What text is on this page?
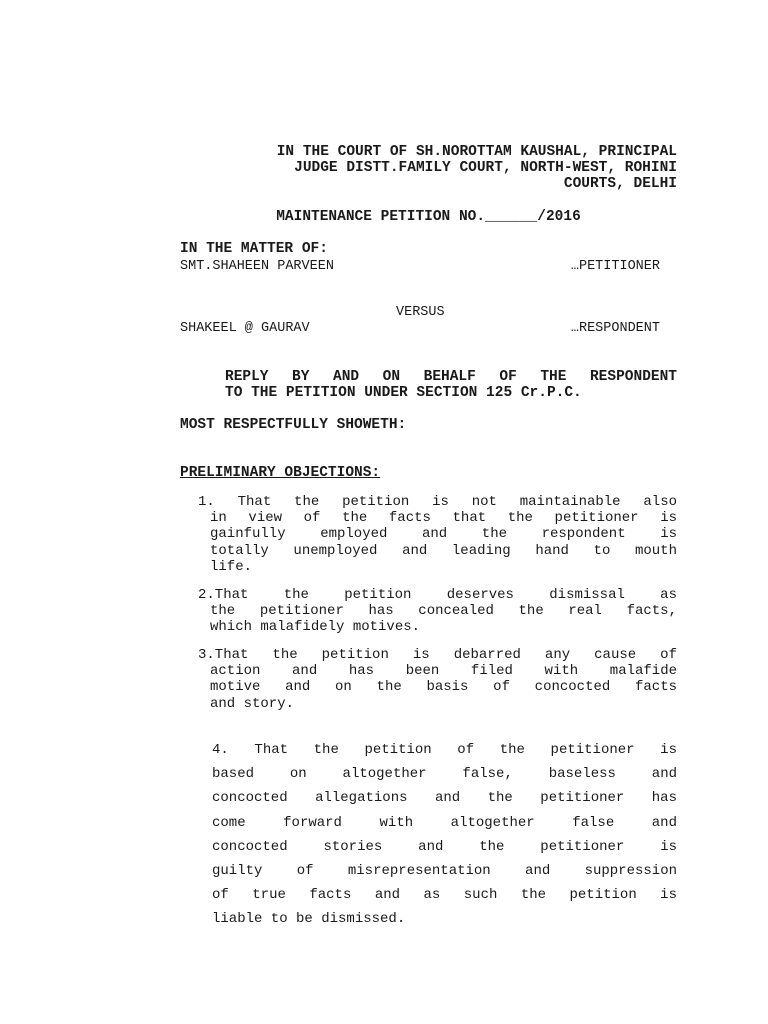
IN THE COURT OF SH.NOROTTAM KAUSHAL, PRINCIPAL
JUDGE DISTT.FAMILY COURT, NORTH-WEST, ROHINI
COURTS, DELHI
MAINTENANCE PETITION NO.______/2016
IN THE MATTER OF:
SMT.SHAHEEN PARVEEN	…PETITIONER
VERSUS
SHAKEEL @ GAURAV	…RESPONDENT
REPLY BY AND ON BEHALF OF THE RESPONDENT
TO THE PETITION UNDER SECTION 125 Cr.P.C.
MOST RESPECTFULLY SHOWETH:
PRELIMINARY OBJECTIONS:
1. That the petition is not maintainable also
in view of the facts that the petitioner is
gainfully employed and the respondent is
totally unemployed and leading hand to mouth
life.
2.That the petition deserves dismissal as
the petitioner has concealed the real facts,
which malafidely motives.
3.That the petition is debarred any cause of
action and has been filed with malafide
motive and on the basis of concocted facts
and story.
4. That the petition of the petitioner is
based on altogether false, baseless and
concocted allegations and the petitioner has
come forward with altogether false and
concocted stories and the petitioner is
guilty of misrepresentation and suppression
of true facts and as such the petition is
liable to be dismissed.
